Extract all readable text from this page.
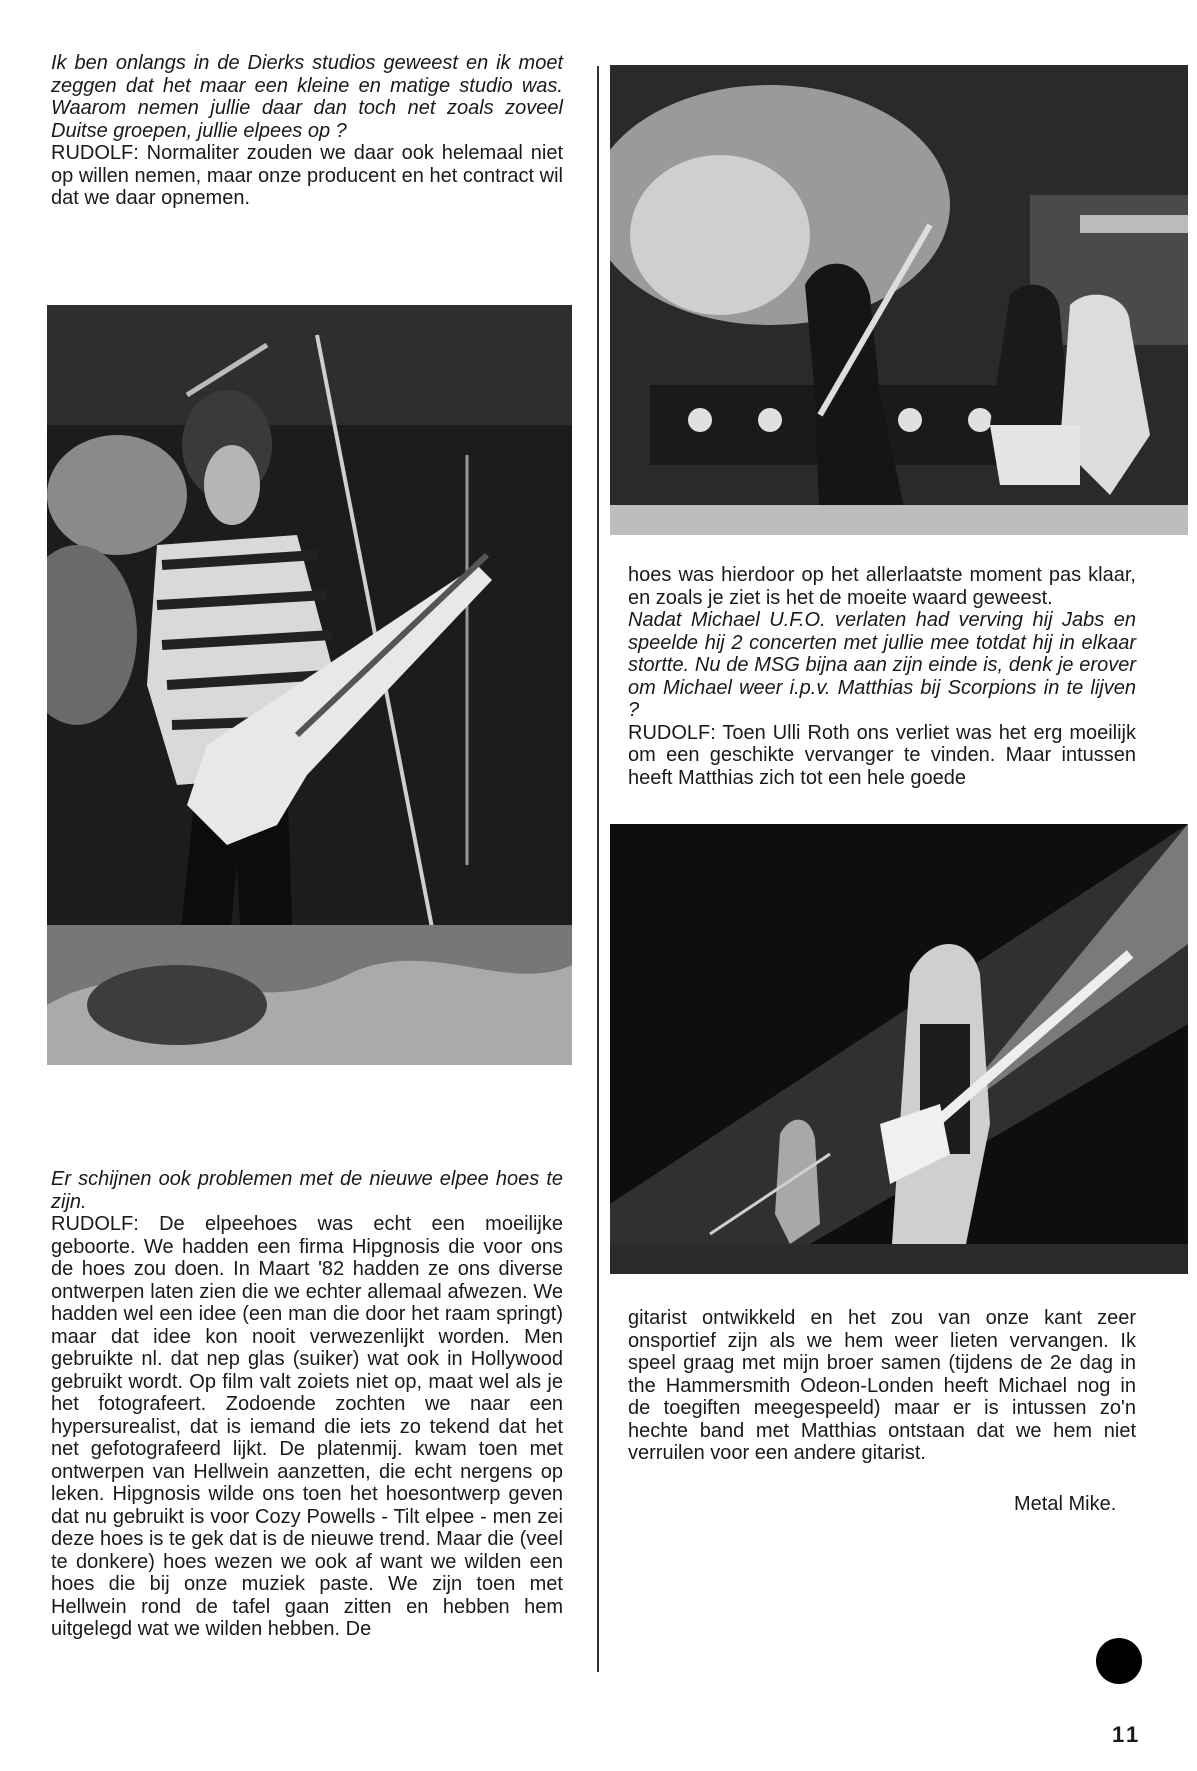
Ik ben onlangs in de Dierks studios geweest en ik moet zeggen dat het maar een kleine en matige studio was. Waarom nemen jullie daar dan toch net zoals zoveel Duitse groepen, jullie elpees op ?

RUDOLF: Normaliter zouden we daar ook helemaal niet op willen nemen, maar onze producent en het contract wil dat we daar opnemen.

Er schijnen ook problemen met de nieuwe elpee hoes te zijn.

RUDOLF: De elpeehoes was echt een moeilijke geboorte. We hadden een firma Hipgnosis die voor ons de hoes zou doen. In Maart '82 hadden ze ons diverse ontwerpen laten zien die we echter allemaal afwezen. We hadden wel een idee (een man die door het raam springt) maar dat idee kon nooit verwezenlijkt worden. Men gebruikte nl. dat nep glas (suiker) wat ook in Hollywood gebruikt wordt. Op film valt zoiets niet op, maat wel als je het fotografeert. Zodoende zochten we naar een hypersurealist, dat is iemand die iets zo tekend dat het net gefotografeerd lijkt. De platenmij. kwam toen met ontwerpen van Hellwein aanzetten, die echt nergens op leken. Hipgnosis wilde ons toen het hoesontwerp geven dat nu gebruikt is voor Cozy Powells - Tilt elpee - men zei deze hoes is te gek dat is de nieuwe trend. Maar die (veel te donkere) hoes wezen we ook af want we wilden een hoes die bij onze muziek paste. We zijn toen met Hellwein rond de tafel gaan zitten en hebben hem uitgelegd wat we wilden hebben. De

hoes was hierdoor op het allerlaatste moment pas klaar, en zoals je ziet is het de moeite waard geweest.

Nadat Michael U.F.O. verlaten had verving hij Jabs en speelde hij 2 concerten met jullie mee totdat hij in elkaar stortte. Nu de MSG bijna aan zijn einde is, denk je erover om Michael weer i.p.v. Matthias bij Scorpions in te lijven ?

RUDOLF: Toen Ulli Roth ons verliet was het erg moeilijk om een geschikte vervanger te vinden. Maar intussen heeft Matthias zich tot een hele goede

gitarist ontwikkeld en het zou van onze kant zeer onsportief zijn als we hem weer lieten vervangen. Ik speel graag met mijn broer samen (tijdens de 2e dag in the Hammersmith Odeon-Londen heeft Michael nog in de toegiften meegespeeld) maar er is intussen zo'n hechte band met Matthias ontstaan dat we hem niet verruilen voor een andere gitarist.

Metal Mike.
11
